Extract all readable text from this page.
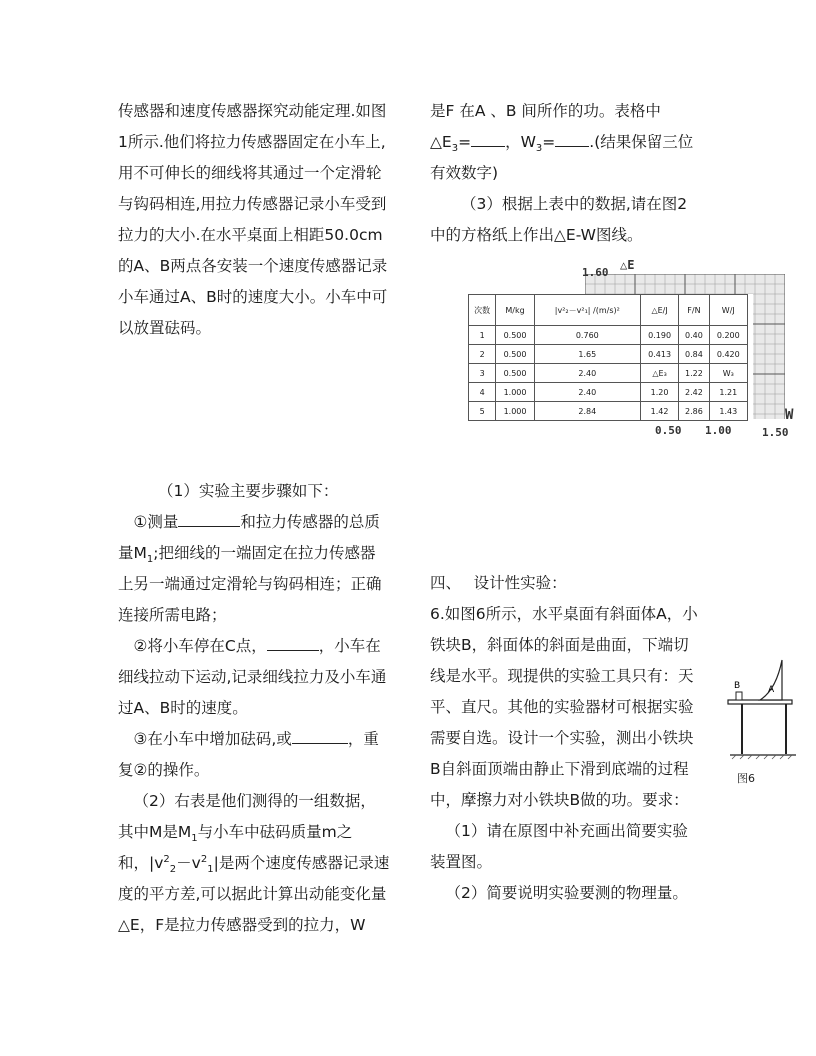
传感器和速度传感器探究动能定理.如图1所示.他们将拉力传感器固定在小车上,用不可伸长的细线将其通过一个定滑轮与钩码相连,用拉力传感器记录小车受到拉力的大小.在水平桌面上相距50.0cm的A、B两点各安装一个速度传感器记录小车通过A、B时的速度大小。小车中可以放置砝码。

（1）实验主要步骤如下：

①测量	和拉力传感器的总质量$M_1$;把细线的一端固定在拉力传感器上另一端通过定滑轮与钩码相连；正确连接所需电路；

②将小车停在C点，	，小车在细线拉动下运动,记录细线拉力及小车通过A、B时的速度。

③在小车中增加砝码,或	，重复②的操作。

（2）右表是他们测得的一组数据，其中M是$M_1$与小车中砝码质量m之和，$|v^2_2-v^2_1|$是两个速度传感器记录速度的平方差,可以据此计算出动能变化量△E，F是拉力传感器受到的拉力，W

是F 在A 、B 间所作的功。表格中$\triangle E_3=$ ，$W_3=$ .(结果保留三位有效数字)

（3）根据上表中的数据,请在图2中的方格纸上作出△E-W图线。

1.60
△E
W
0.50 1.00	1.50
次数	M/kg	|v²₂－v²₁| /(m/s)²	△E/J	F/N	W/J
1	0.500	0.760	0.190	0.40	0.200
2	0.500	1.65	0.413	0.84	0.420
3	0.500	2.40	△E₃	1.22	W₃
4	1.000	2.40	1.20	2.42	1.21
5	1.000	2.84	1.42	2.86	1.43

四、　 设计性实验：

6.如图6所示，水平桌面有斜面体A，小铁块B，斜面体的斜面是曲面，下端切线是水平。现提供的实验工具只有：天平、直尺。其他的实验器材可根据实验需要自选。设计一个实验，测出小铁块B自斜面顶端由静止下滑到底端的过程中，摩擦力对小铁块B做的功。要求：

（1）请在原图中补充画出简要实验装置图。

（2）简要说明实验要测的物理量。

B	A
图6
